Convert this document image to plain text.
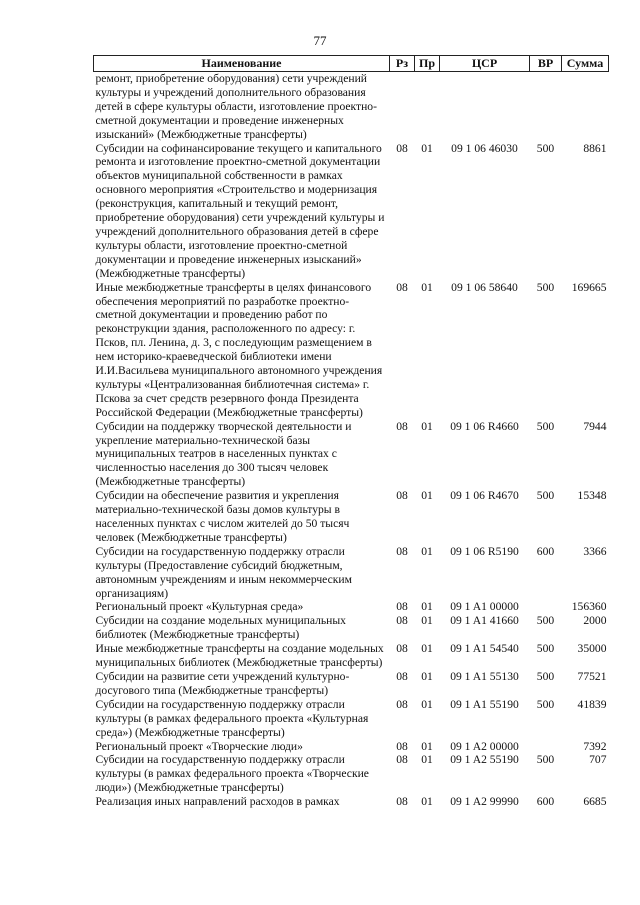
77
Наименование	Рз	Пр	ЦСР	ВР	Сумма
ремонт, приобретение оборудования) сети учреждений культуры и учреждений дополнительного образования детей в сфере культуры области, изготовление проектно-сметной документации и проведение инженерных изысканий» (Межбюджетные трансферты)					
Субсидии на софинансирование текущего и капитального ремонта и изготовление проектно-сметной документации объектов муниципальной собственности в рамках основного мероприятия «Строительство и модернизация (реконструкция, капитальный и текущий ремонт, приобретение оборудования) сети учреждений культуры и учреждений дополнительного образования детей в сфере культуры области, изготовление проектно-сметной документации и проведение инженерных изысканий» (Межбюджетные трансферты)	08	01	09 1 06 46030	500	8861
Иные межбюджетные трансферты в целях финансового обеспечения мероприятий по разработке проектно-сметной документации и проведению работ по реконструкции здания, расположенного по адресу: г. Псков, пл. Ленина, д. 3, с последующим размещением в нем историко-краеведческой библиотеки имени И.И.Васильева муниципального автономного учреждения культуры «Централизованная библиотечная система» г. Пскова за счет средств резервного фонда Президента Российской Федерации (Межбюджетные трансферты)	08	01	09 1 06 58640	500	169665
Субсидии на поддержку творческой деятельности и укрепление материально-технической базы муниципальных театров в населенных пунктах с численностью населения до 300 тысяч человек (Межбюджетные трансферты)	08	01	09 1 06 R4660	500	7944
Субсидии на обеспечение развития и укрепления материально-технической базы домов культуры в населенных пунктах с числом жителей до 50 тысяч человек (Межбюджетные трансферты)	08	01	09 1 06 R4670	500	15348
Субсидии на государственную поддержку отрасли культуры (Предоставление субсидий бюджетным, автономным учреждениям и иным некоммерческим организациям)	08	01	09 1 06 R5190	600	3366
Региональный проект «Культурная среда»	08	01	09 1 A1 00000		156360
Субсидии на создание модельных муниципальных библиотек (Межбюджетные трансферты)	08	01	09 1 A1 41660	500	2000
Иные межбюджетные трансферты на создание модельных муниципальных библиотек (Межбюджетные трансферты)	08	01	09 1 A1 54540	500	35000
Субсидии на развитие сети учреждений культурно-досугового типа (Межбюджетные трансферты)	08	01	09 1 A1 55130	500	77521
Субсидии на государственную поддержку отрасли культуры (в рамках федерального проекта «Культурная среда») (Межбюджетные трансферты)	08	01	09 1 A1 55190	500	41839
Региональный проект «Творческие люди»	08	01	09 1 A2 00000		7392
Субсидии на государственную поддержку отрасли культуры (в рамках федерального проекта «Творческие люди») (Межбюджетные трансферты)	08	01	09 1 A2 55190	500	707
Реализация иных направлений расходов в рамках	08	01	09 1 A2 99990	600	6685
